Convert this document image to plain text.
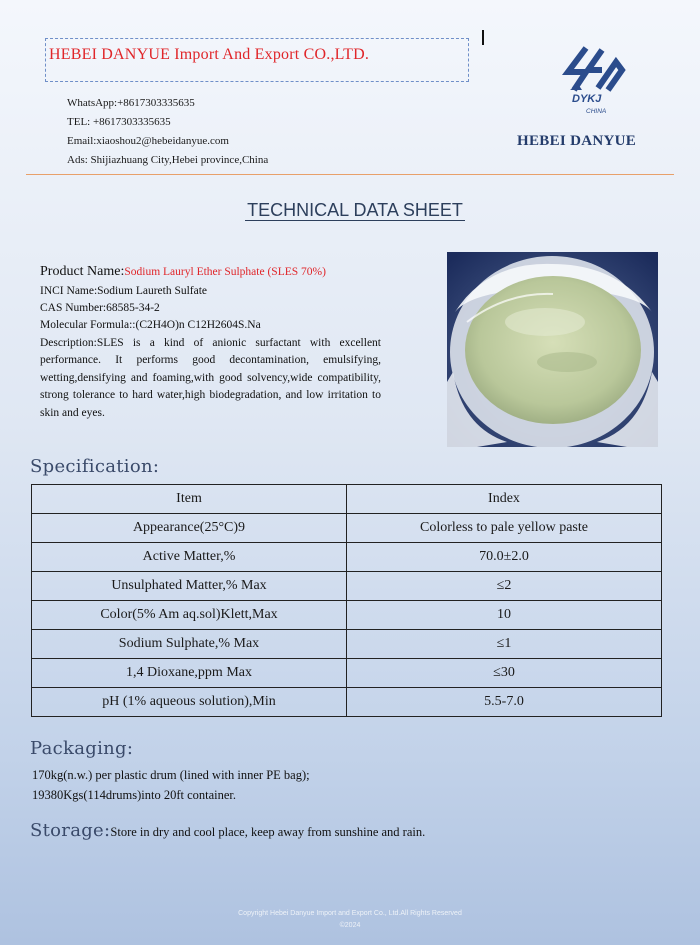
HEBEI DANYUE Import And Export CO.,LTD.
WhatsApp:+8617303335635
TEL: +8617303335635
Email:xiaoshou2@hebeidanyue.com
Ads: Shijiazhuang City,Hebei province,China
DYKJ
CHINA
HEBEI DANYUE
TECHNICAL DATA SHEET
Product Name:Sodium Lauryl Ether Sulphate (SLES 70%)
INCI Name:Sodium Laureth Sulfate
CAS Number:68585-34-2
Molecular Formula::(C2H4O)n C12H2604S.Na
Description:SLES is a kind of anionic surfactant with excellent performance. It performs good decontamination, emulsifying, wetting,densifying and foaming,with good solvency,wide compatibility, strong tolerance to hard water,high biodegradation, and low irritation to skin and eyes.
Specification:
Item	Index
Appearance(25°C)9	Colorless to pale yellow paste
Active Matter,%	70.0±2.0
Unsulphated Matter,% Max	≤2
Color(5% Am aq.sol)Klett,Max	10
Sodium Sulphate,% Max	≤1
1,4 Dioxane,ppm Max	≤30
pH (1% aqueous solution),Min	5.5-7.0
Packaging:
170kg(n.w.) per plastic drum (lined with inner PE bag);
19380Kgs(114drums)into 20ft container.
Storage:Store in dry and cool place, keep away from sunshine and rain.
Copyright Hebei Danyue Import and Export Co., Ltd.All Rights Reserved
©2024
